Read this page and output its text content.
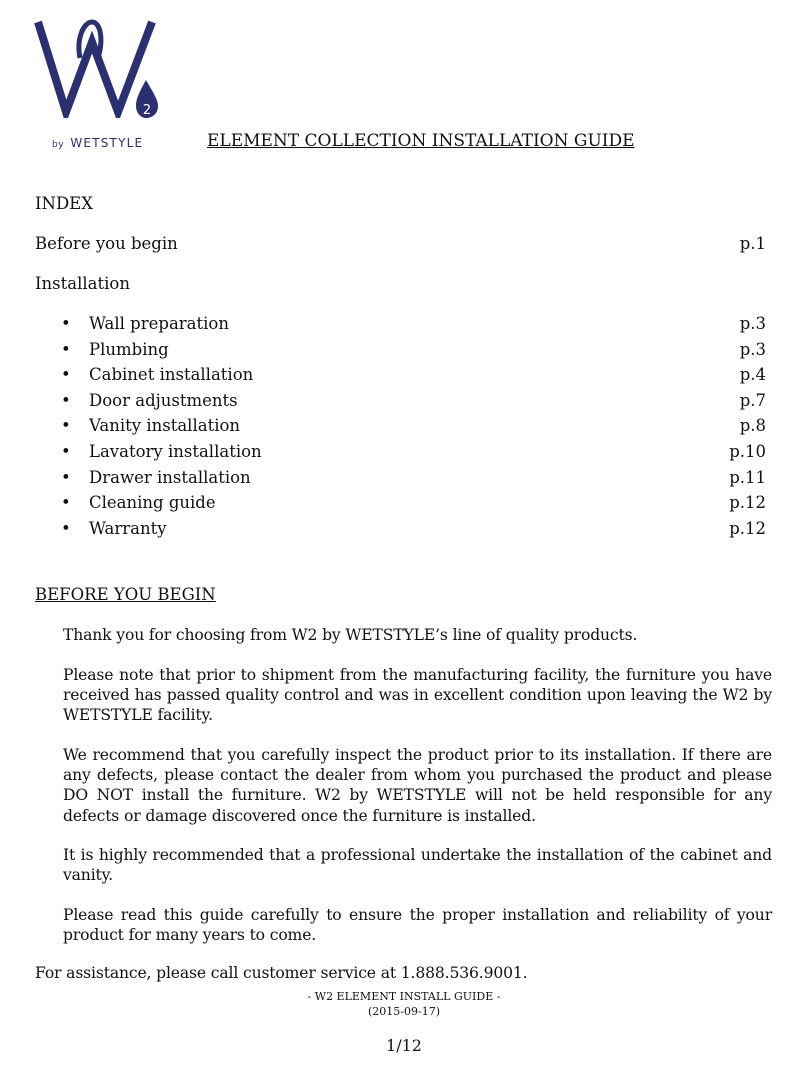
2
by WETSTYLE	ELEMENT COLLECTION INSTALLATION GUIDE
INDEX
Before you begin	p.1
Installation
• Wall preparation	p.3
• Plumbing	p.3
• Cabinet installation	p.4
• Door adjustments	p.7
• Vanity installation	p.8
• Lavatory installation	p.10
• Drawer installation	p.11
• Cleaning guide	p.12
• Warranty	p.12
BEFORE YOU BEGIN

Thank you for choosing from W2 by WETSTYLE’s line of quality products.

Please note that prior to shipment from the manufacturing facility, the furniture you have received has passed quality control and was in excellent condition upon leaving the W2 by WETSTYLE facility.

We recommend that you carefully inspect the product prior to its installation. If there are any defects, please contact the dealer from whom you purchased the product and please DO NOT install the furniture. W2 by WETSTYLE will not be held responsible for any defects or damage discovered once the furniture is installed.

It is highly recommended that a professional undertake the installation of the cabinet and vanity.

Please read this guide carefully to ensure the proper installation and reliability of your product for many years to come.

For assistance, please call customer service at 1.888.536.9001.

- W2 ELEMENT INSTALL GUIDE -

(2015-09-17)

1/12
